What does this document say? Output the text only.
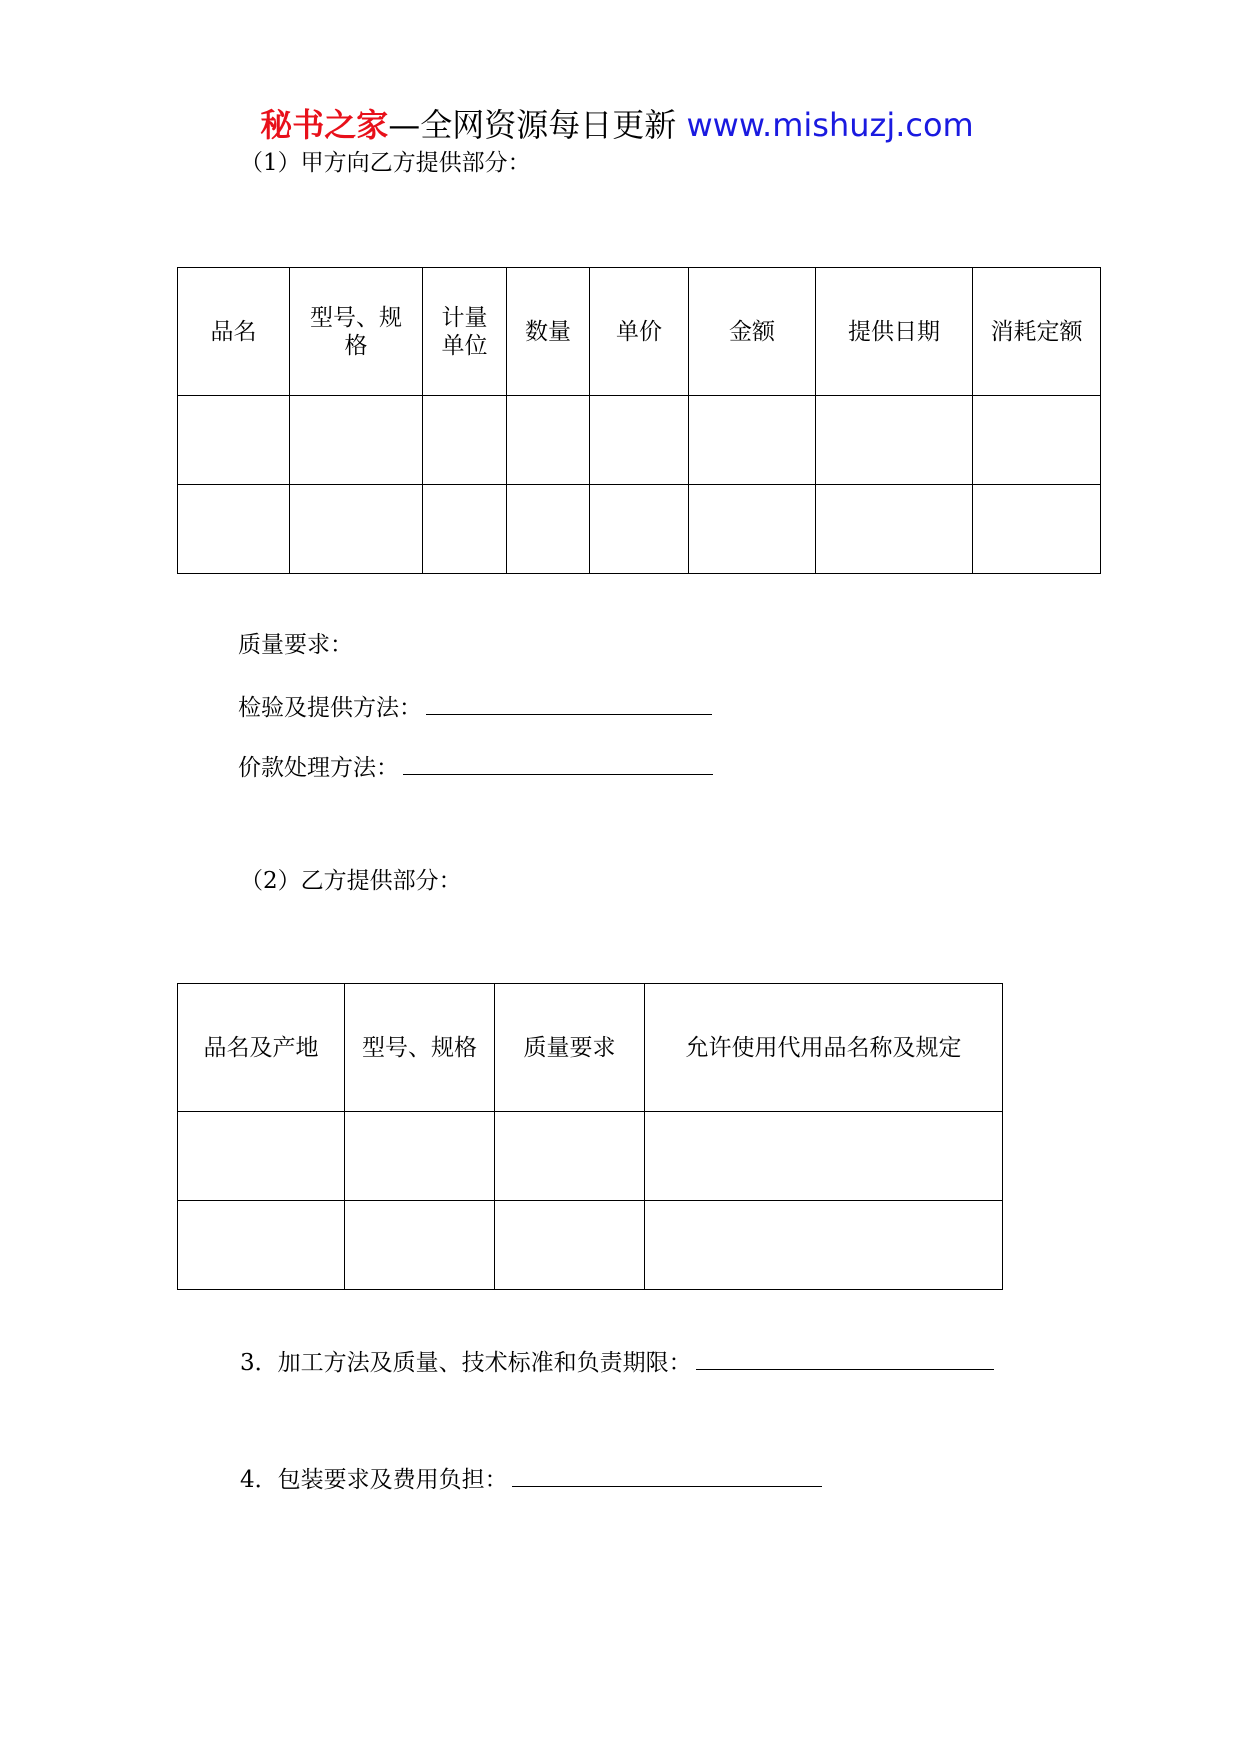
秘书之家—全网资源每日更新 www.mishuzj.com
（1）甲方向乙方提供部分：
品名	型号、规格	计量单位	数量	单价	金额	提供日期	消耗定额

质量要求：
检验及提供方法：
价款处理方法：
（2）乙方提供部分：
品名及产地	型号、规格	质量要求	允许使用代用品名称及规定

3．加工方法及质量、技术标准和负责期限：
4．包装要求及费用负担：
